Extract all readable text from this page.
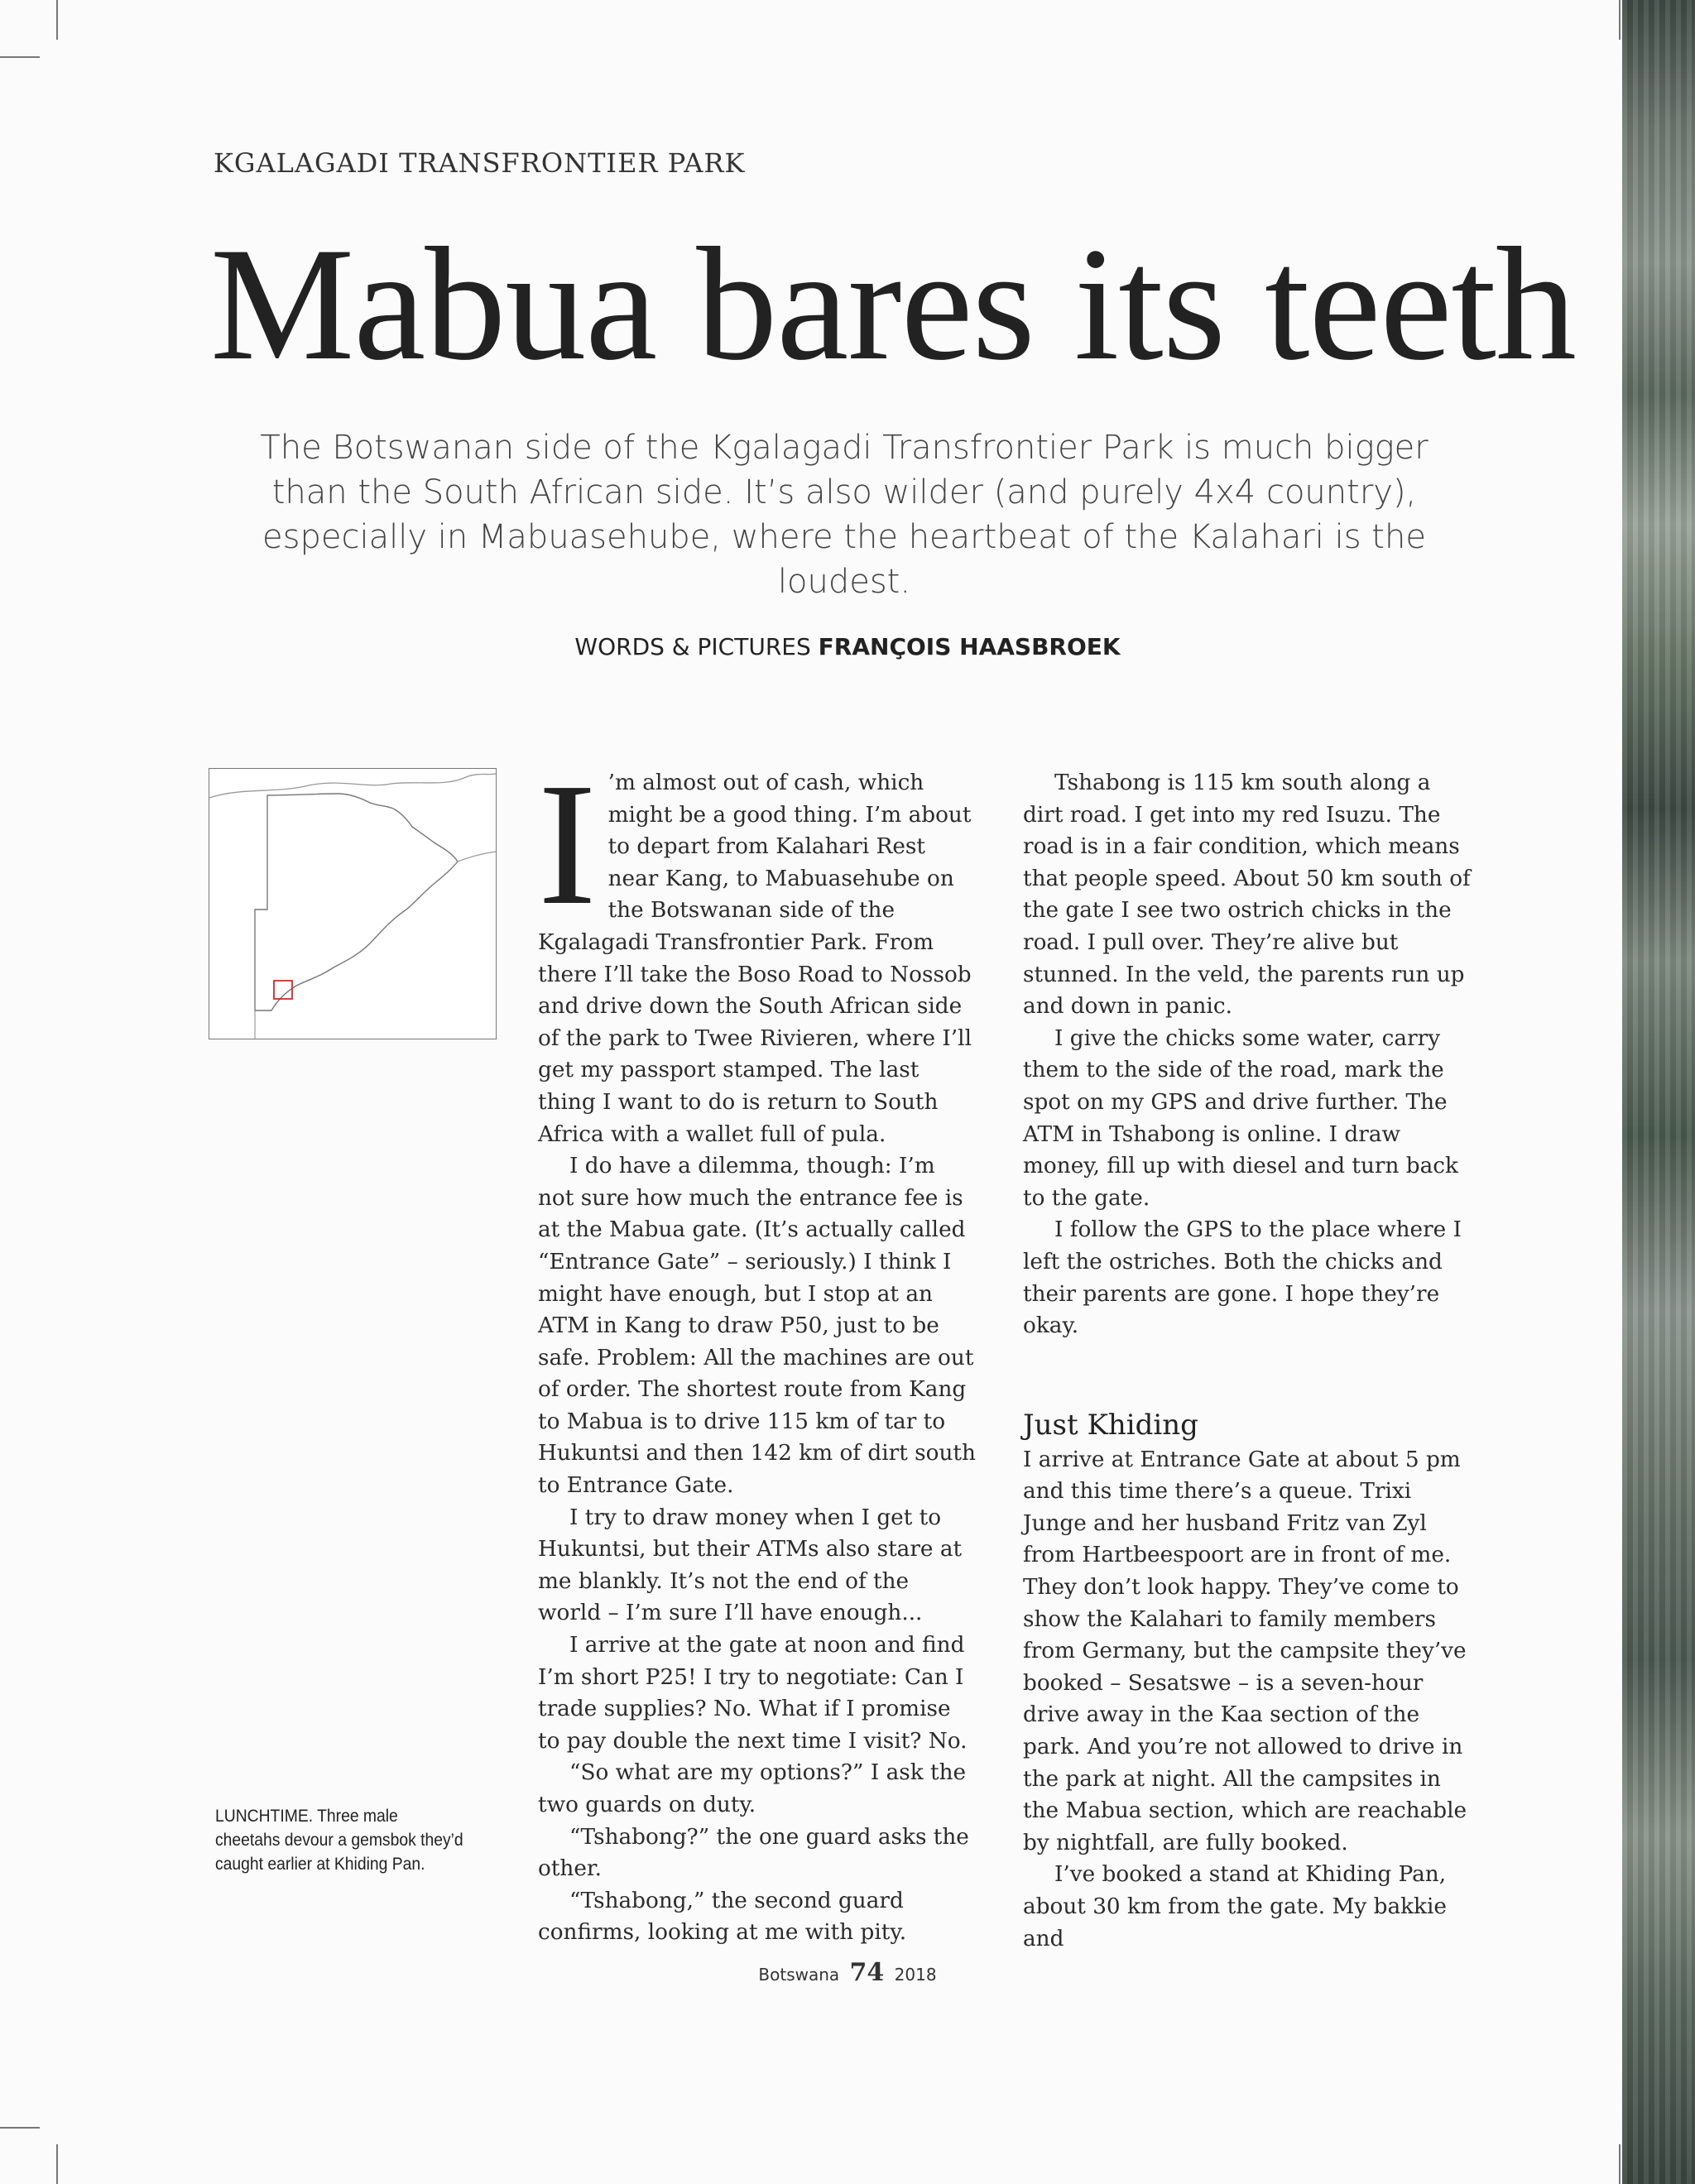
KGALAGADI TRANSFRONTIER PARK
Mabua bares its teeth
The Botswanan side of the Kgalagadi Transfrontier Park is much bigger than the South African side. It’s also wilder (and purely 4x4 country), especially in Mabuasehube, where the heartbeat of the Kalahari is the loudest.
WORDS & PICTURES FRANÇOIS HAASBROEK
LUNCHTIME. Three male cheetahs devour a gemsbok they’d caught earlier at Khiding Pan.

I ’m almost out of cash, which might be a good thing. I’m about to depart from Kalahari Rest near Kang, to Mabuasehube on the Botswanan side of the Kgalagadi Transfrontier Park. From there I’ll take the Boso Road to Nossob and drive down the South African side of the park to Twee Rivieren, where I’ll get my passport stamped. The last thing I want to do is return to South Africa with a wallet full of pula.

I do have a dilemma, though: I’m not sure how much the entrance fee is at the Mabua gate. (It’s actually called “Entrance Gate” – seriously.) I think I might have enough, but I stop at an ATM in Kang to draw P50, just to be safe. Problem: All the machines are out of order. The shortest route from Kang to Mabua is to drive 115 km of tar to Hukuntsi and then 142 km of dirt south to Entrance Gate.

I try to draw money when I get to Hukuntsi, but their ATMs also stare at me blankly. It’s not the end of the world – I’m sure I’ll have enough...

I arrive at the gate at noon and find I’m short P25! I try to negotiate: Can I trade supplies? No. What if I promise to pay double the next time I visit? No.

“So what are my options?” I ask the two guards on duty.

“Tshabong?” the one guard asks the other.

“Tshabong,” the second guard confirms, looking at me with pity.

Tshabong is 115 km south along a dirt road. I get into my red Isuzu. The road is in a fair condition, which means that people speed. About 50 km south of the gate I see two ostrich chicks in the road. I pull over. They’re alive but stunned. In the veld, the parents run up and down in panic.

I give the chicks some water, carry them to the side of the road, mark the spot on my GPS and drive further. The ATM in Tshabong is online. I draw money, fill up with diesel and turn back to the gate.

I follow the GPS to the place where I left the ostriches. Both the chicks and their parents are gone. I hope they’re okay.

Just Khiding

I arrive at Entrance Gate at about 5 pm and this time there’s a queue. Trixi Junge and her husband Fritz van Zyl from Hartbeespoort are in front of me. They don’t look happy. They’ve come to show the Kalahari to family members from Germany, but the campsite they’ve booked – Sesatswe – is a seven-hour drive away in the Kaa section of the park. And you’re not allowed to drive in the park at night. All the campsites in the Mabua section, which are reachable by nightfall, are fully booked.

I’ve booked a stand at Khiding Pan, about 30 km from the gate. My bakkie and

Botswana 74 2018
